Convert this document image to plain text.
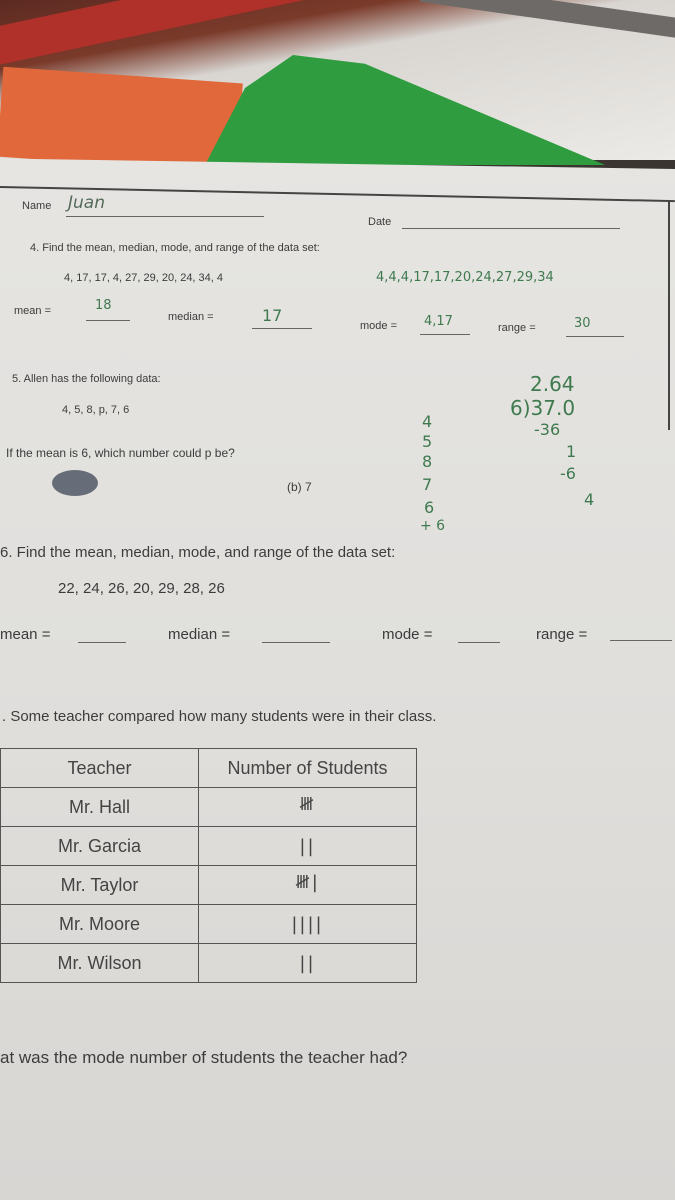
Name Juan
Date
4. Find the mean, median, mode, and range of the data set:
4, 17, 17, 4, 27, 29, 20, 24, 34, 4	4,4,4,17,17,20,24,27,29,34
mean =	18
median =	17
mode = 4,17	range =	30
5. Allen has the following data:
4, 5, 8, p, 7, 6
If the mean is 6, which number could p be?
(b) 7
4
5
8
7
6
+ 6
2.64
6)37.0
-36
1
-6
4
6. Find the mean, median, mode, and range of the data set:
22, 24, 26, 20, 29, 28, 26
mean =	median =	mode =	range =
. Some teacher compared how many students were in their class.
Teacher	Number of Students
Mr. Hall	𝍸
Mr. Garcia	||
Mr. Taylor	𝍸|
Mr. Moore	||||
Mr. Wilson	||
at was the mode number of students the teacher had?
